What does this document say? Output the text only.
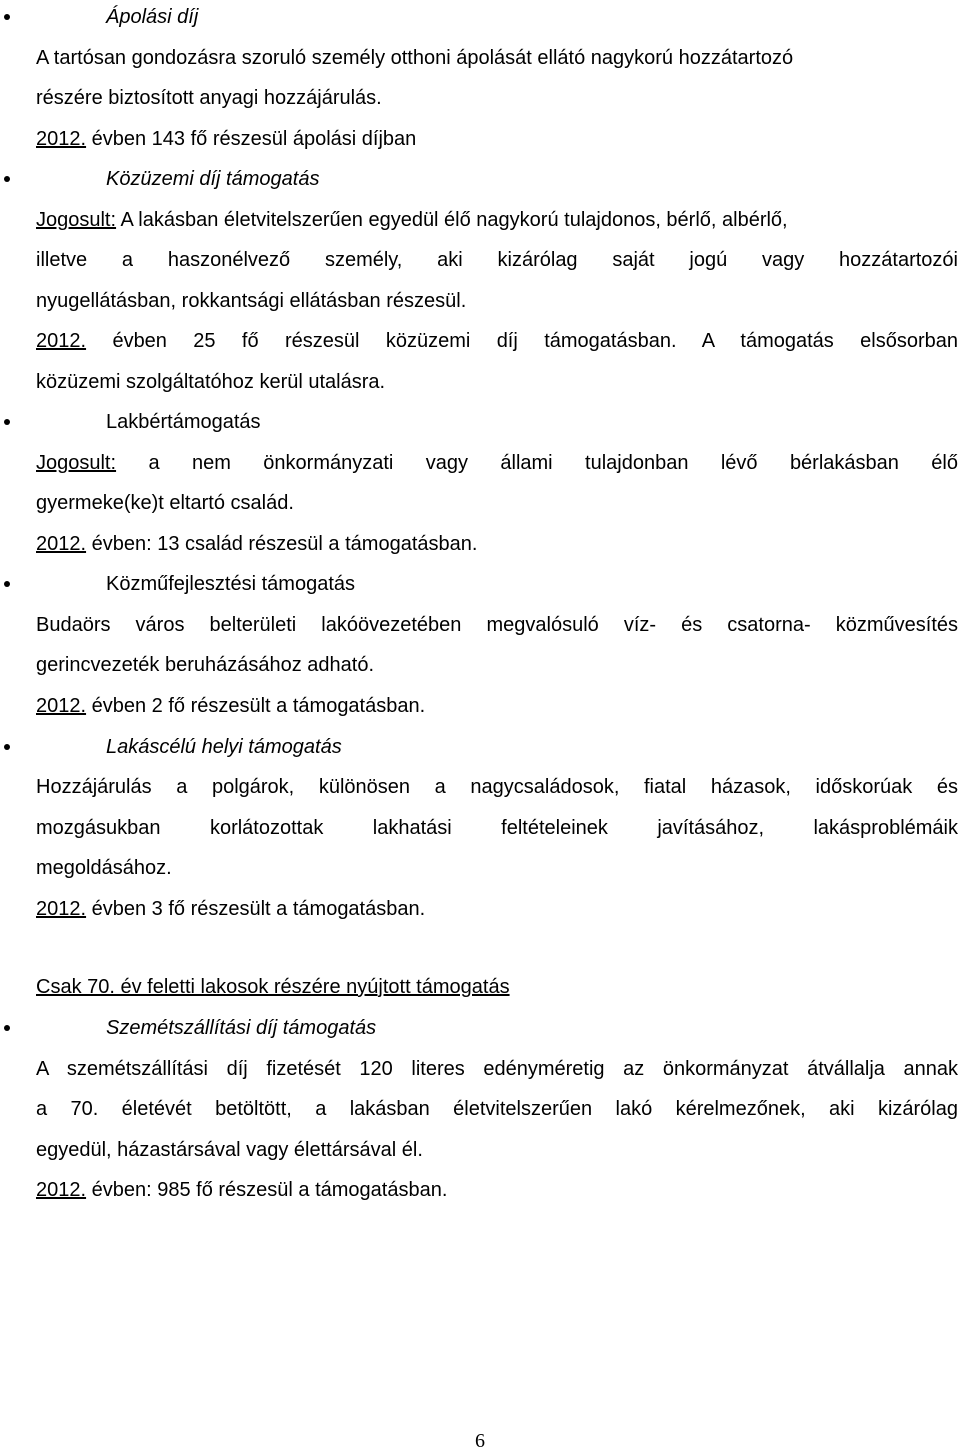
Ápolási díj
A tartósan gondozásra szoruló személy otthoni ápolását ellátó nagykorú hozzátartozó
részére biztosított anyagi hozzájárulás.
2012. évben 143 fő részesül ápolási díjban
Közüzemi díj támogatás
Jogosult: A lakásban életvitelszerűen egyedül élő nagykorú tulajdonos, bérlő, albérlő,
illetve a haszonélvező személy, aki kizárólag saját jogú vagy hozzátartozói
nyugellátásban, rokkantsági ellátásban részesül.
2012. évben 25 fő részesül közüzemi díj támogatásban. A támogatás elsősorban
közüzemi szolgáltatóhoz kerül utalásra.
Lakbértámogatás
Jogosult: a nem önkormányzati vagy állami tulajdonban lévő bérlakásban élő
gyermeke(ke)t eltartó család.
2012. évben: 13 család részesül a támogatásban.
Közműfejlesztési támogatás
Budaörs város belterületi lakóövezetében megvalósuló víz- és csatorna- közművesítés
gerincvezeték beruházásához adható.
2012. évben 2 fő részesült a támogatásban.
Lakáscélú helyi támogatás
Hozzájárulás a polgárok, különösen a nagycsaládosok, fiatal házasok, időskorúak és
mozgásukban korlátozottak lakhatási feltételeinek javításához, lakásproblémáik
megoldásához.
2012. évben 3 fő részesült a támogatásban.
Csak 70. év feletti lakosok részére nyújtott támogatás
Szemétszállítási díj támogatás
A szemétszállítási díj fizetését 120 literes edényméretig az önkormányzat átvállalja annak
a 70. életévét betöltött, a lakásban életvitelszerűen lakó kérelmezőnek, aki kizárólag
egyedül, házastársával vagy élettársával él.
2012. évben: 985 fő részesül a támogatásban.
6
